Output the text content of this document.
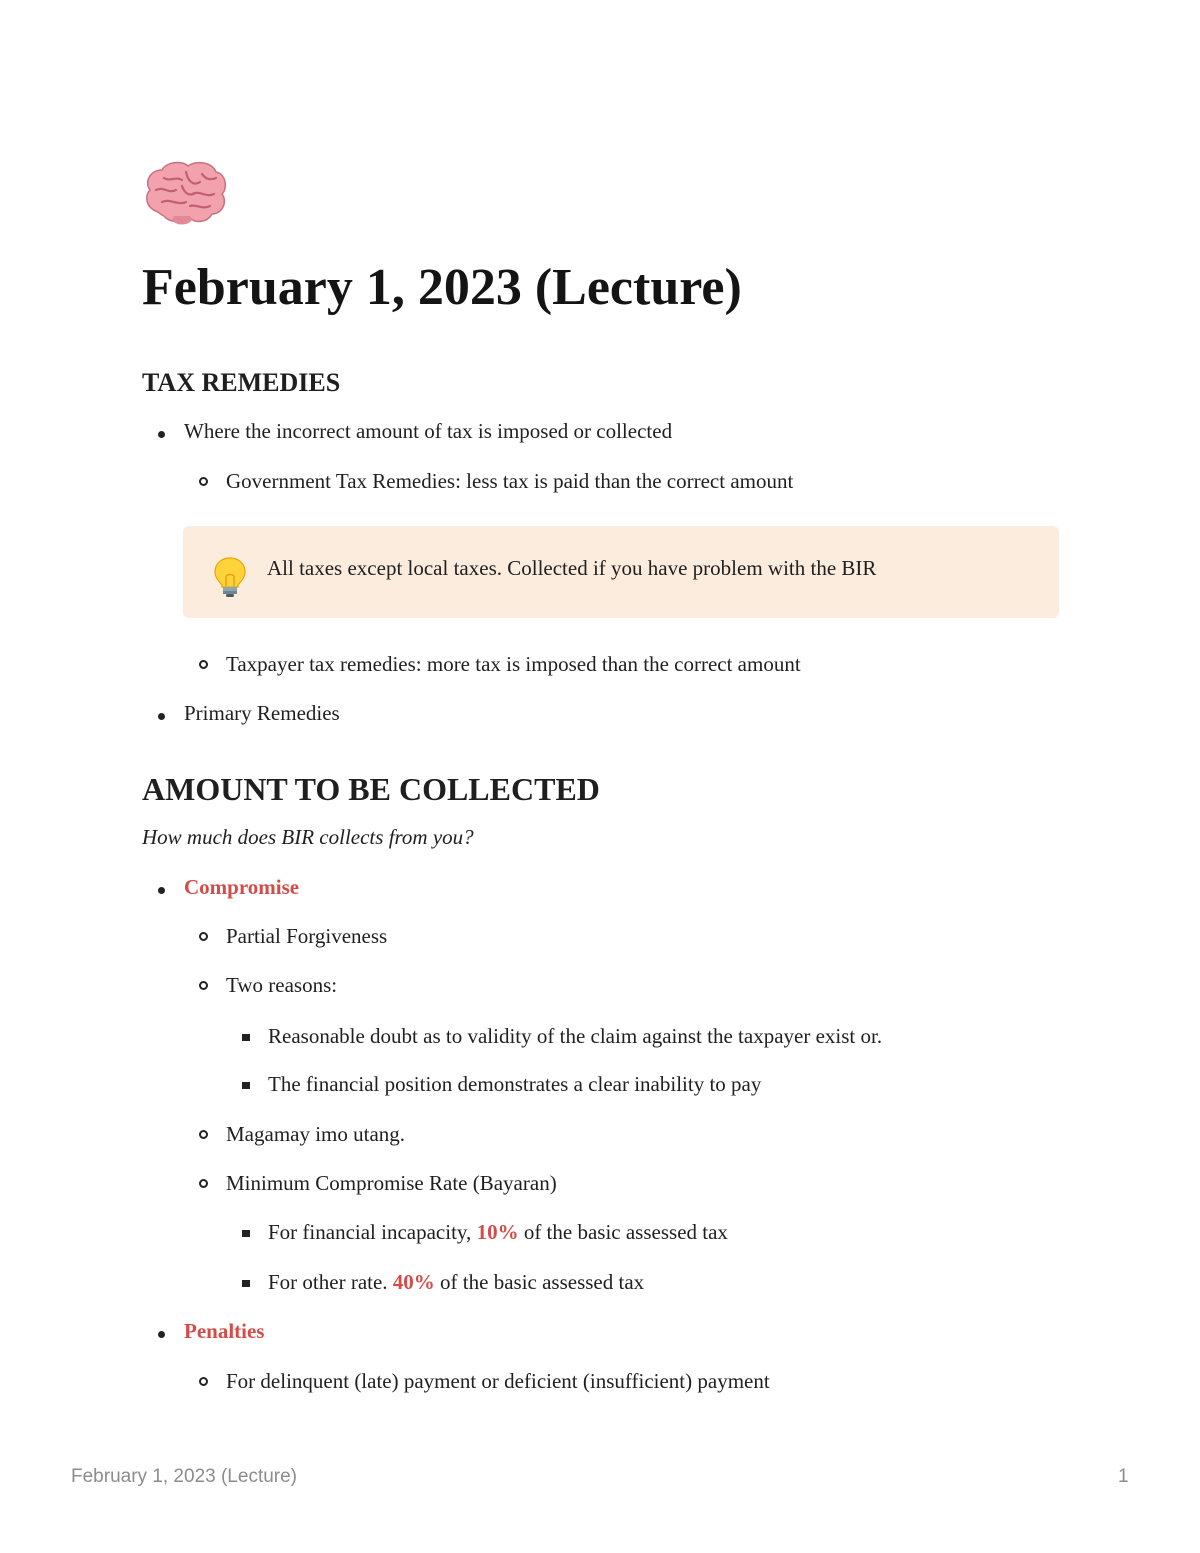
February 1, 2023 (Lecture)
TAX REMEDIES
Where the incorrect amount of tax is imposed or collected
Government Tax Remedies: less tax is paid than the correct amount
All taxes except local taxes. Collected if you have problem with the BIR
Taxpayer tax remedies: more tax is imposed than the correct amount
Primary Remedies
AMOUNT TO BE COLLECTED
How much does BIR collects from you?
Compromise
Partial Forgiveness
Two reasons:
Reasonable doubt as to validity of the claim against the taxpayer exist or.
The financial position demonstrates a clear inability to pay
Magamay imo utang.
Minimum Compromise Rate (Bayaran)
For financial incapacity, 10% of the basic assessed tax
For other rate. 40% of the basic assessed tax
Penalties
For delinquent (late) payment or deficient (insufficient) payment
February 1, 2023 (Lecture)	1
